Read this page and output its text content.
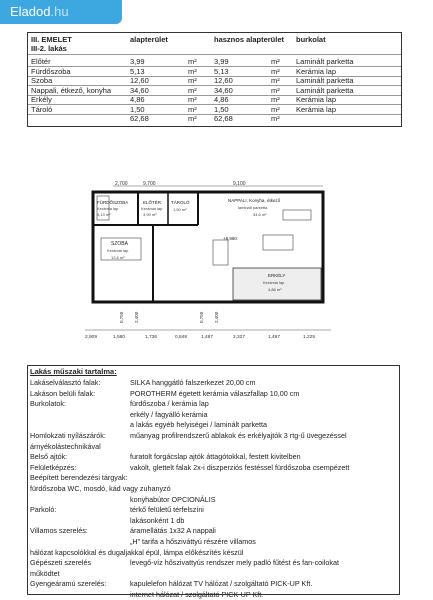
Eladod.hu
III. EMELET
III-2. lakás
alapterület	hasznos alapterület burkolat
Előtér	3,99	m² 3,99	m² Laminált parketta
Fürdőszoba	5,13	m² 5,13	m² Kerámia lap
Szoba	12,60	m² 12,60	m² Laminált parketta
Nappali, étkező, konyha	34,60	m² 34,60	m² Laminált parketta
Erkély	4,86	m² 4,86	m² Kerámia lap
Tároló	1,50	m² 1,50	m² Kerámia lap
62,68	m² 62,68	m²
2,700	9,700	9,100
FÜRDŐSZOBA
Kerámia lap
5,13 m²
ELŐTÉR
Kerámia lap
3,99 m²
TÁROLÓ
1,50 m²
SZOBA
Kerámia lap
12,6 m²
NAPPALI, Konyha, étkező
laminált parketta
34,6 m²
+8,960
ERKÉLY
Kerámia lap
4,86 m²
2,909	1,580	1,736	0,848	1,497	2,327	1,497	1,225
0,750 2,400	0,750 2,400
Lakás műszaki tartalma:
Lakáselválasztó falak:	SILKA hanggátló falszerkezet 20,00 cm
Lakáson belüli falak:	POROTHERM égetett kerámia válaszfallap 10,00 cm
Burkolatok:	fürdőszoba / kerámia lap
erkély / fagyálló kerámia
a lakás egyéb helyiségei / laminált parketta
Homlokzati nyílászárók:	műanyag profilrendszerű ablakok és erkélyajtók 3 rtg-ű üvegezéssel
árnyékolástechnikával
Belső ajtók:	furatolt forgácslap ajtók áttagótokkal, festett kivitelben
Felületképzés:	vakolt, glettelt falak 2x-i diszperziós festéssel fürdőszoba csempézett
Beépített berendezési tárgyak:
fürdőszoba WC, mosdó, kád vagy zuhanyzó
konyhabútor OPCIONÁLIS
Parkoló:	térkő felületű térfelszíni
lakásonként 1 db
Villamos szerelés:	áramellátás 1x32 A nappali
„H” tarifa a hősziváttyú részére villamos
hálózat kapcsolókkal és dugaljakkal épül, lámpa előkészítés készül
Gépészeti szerelés	levegő-víz hőszivattyús rendszer mely padló fűtést és fan-coilokat
működtet
Gyengeáramú szerelés:	kapulelefon hálózat TV hálózat / szolgáltató PICK-UP Kft.
internet hálózat / szolgáltató PICK-UP Kft.
